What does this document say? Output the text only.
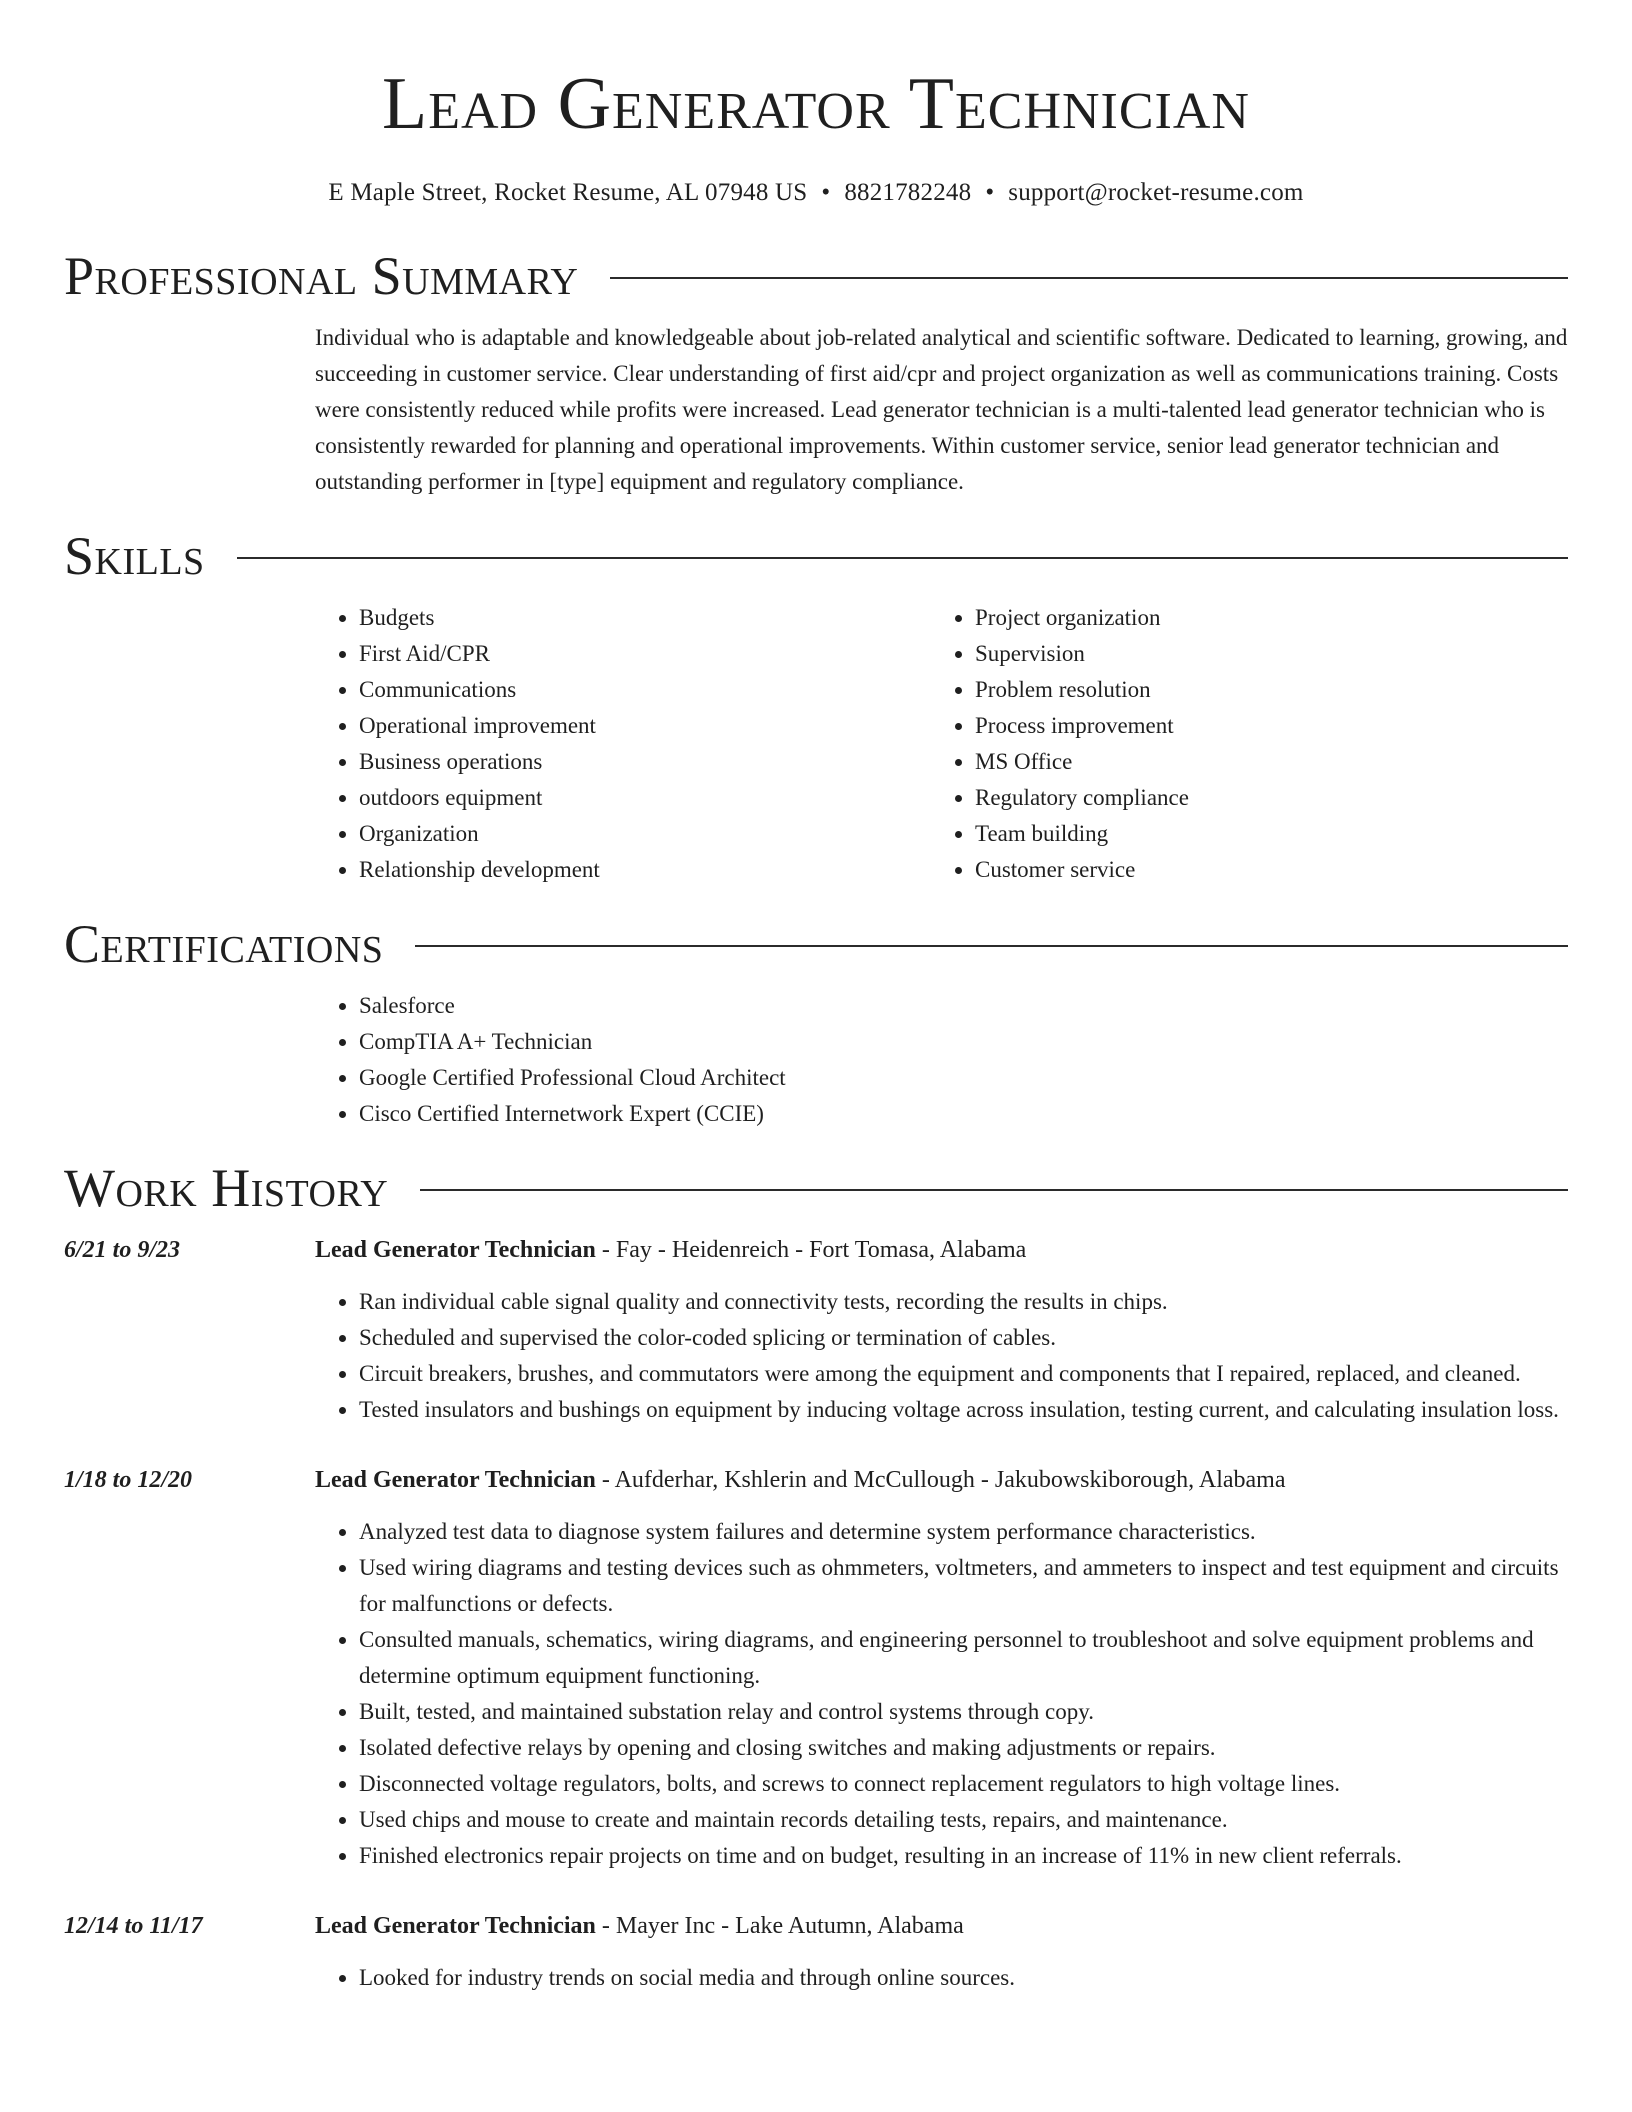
Lead Generator Technician
E Maple Street, Rocket Resume, AL 07948 US • 8821782248 • support@rocket-resume.com
Professional Summary

Individual who is adaptable and knowledgeable about job-related analytical and scientific software. Dedicated to learning, growing, and succeeding in customer service. Clear understanding of first aid/cpr and project organization as well as communications training. Costs were consistently reduced while profits were increased. Lead generator technician is a multi-talented lead generator technician who is consistently rewarded for planning and operational improvements. Within customer service, senior lead generator technician and outstanding performer in [type] equipment and regulatory compliance.

Skills
• Budgets
• First Aid/CPR
• Communications
• Operational improvement
• Business operations
• outdoors equipment
• Organization
• Relationship development
• Project organization
• Supervision
• Problem resolution
• Process improvement
• MS Office
• Regulatory compliance
• Team building
• Customer service
Certifications
• Salesforce
• CompTIA A+ Technician
• Google Certified Professional Cloud Architect
• Cisco Certified Internetwork Expert (CCIE)
Work History
6/21 to 9/23	Lead Generator Technician - Fay - Heidenreich - Fort Tomasa, Alabama
• Ran individual cable signal quality and connectivity tests, recording the results in chips.
• Scheduled and supervised the color-coded splicing or termination of cables.
• Circuit breakers, brushes, and commutators were among the equipment and components that I repaired, replaced, and cleaned.
• Tested insulators and bushings on equipment by inducing voltage across insulation, testing current, and calculating insulation loss.
1/18 to 12/20	Lead Generator Technician - Aufderhar, Kshlerin and McCullough - Jakubowskiborough, Alabama
• Analyzed test data to diagnose system failures and determine system performance characteristics.
• Used wiring diagrams and testing devices such as ohmmeters, voltmeters, and ammeters to inspect and test equipment and circuits for malfunctions or defects.
• Consulted manuals, schematics, wiring diagrams, and engineering personnel to troubleshoot and solve equipment problems and determine optimum equipment functioning.
• Built, tested, and maintained substation relay and control systems through copy.
• Isolated defective relays by opening and closing switches and making adjustments or repairs.
• Disconnected voltage regulators, bolts, and screws to connect replacement regulators to high voltage lines.
• Used chips and mouse to create and maintain records detailing tests, repairs, and maintenance.
• Finished electronics repair projects on time and on budget, resulting in an increase of 11% in new client referrals.
12/14 to 11/17	Lead Generator Technician - Mayer Inc - Lake Autumn, Alabama
• Looked for industry trends on social media and through online sources.
